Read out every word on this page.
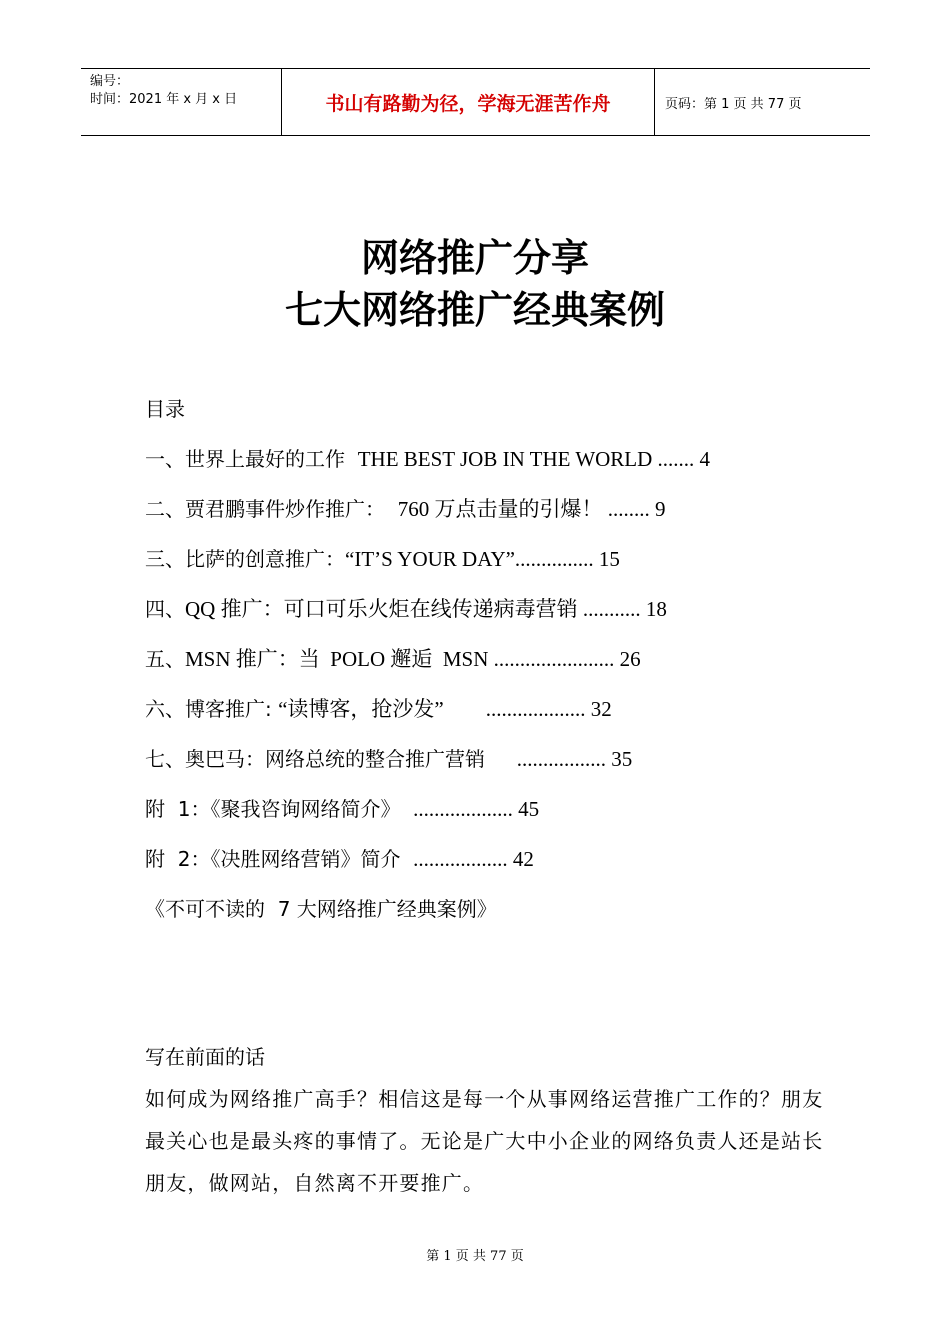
编号：
时间：2021 年 x 月 x 日	书山有路勤为径，学海无涯苦作舟	页码：第 1 页 共 77 页
网络推广分享
七大网络推广经典案例
目录
一、世界上最好的工作  THE BEST JOB IN THE WORLD ....... 4
二、贾君鹏事件炒作推广：  760 万点击量的引爆！ ........ 9
三、比萨的创意推广：“IT’S YOUR DAY”............... 15
四、QQ 推广：可口可乐火炬在线传递病毒营销 ........... 18
五、MSN 推广：当  POLO 邂逅  MSN ....................... 26
六、博客推广: “读博客，抢沙发”        ................... 32
七、奥巴马：网络总统的整合推广营销     ................. 35
附  1：《聚我咨询网络简介》  ................... 45
附  2：《决胜网络营销》简介  .................. 42
《不可不读的  7 大网络推广经典案例》
写在前面的话

如何成为网络推广高手？相信这是每一个从事网络运营推广工作的？朋友最关心也是最头疼的事情了。无论是广大中小企业的网络负责人还是站长朋友，做网站，自然离不开要推广。

第 1 页 共 77 页
